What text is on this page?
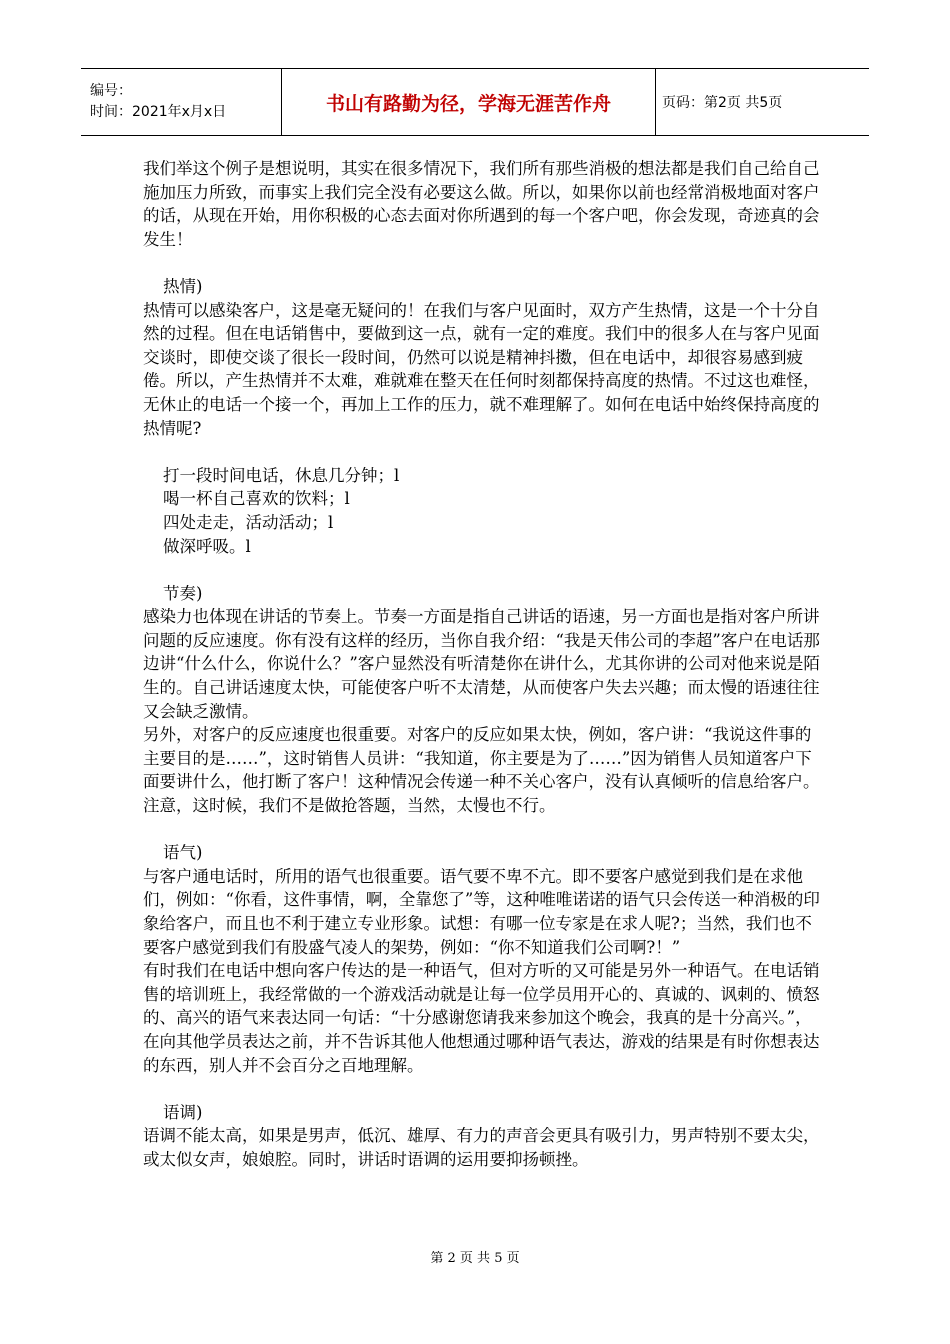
编号：
时间：2021年x月x日	书山有路勤为径，学海无涯苦作舟	页码：第2页 共5页

我们举这个例子是想说明，其实在很多情况下，我们所有那些消极的想法都是我们自己给自己施加压力所致，而事实上我们完全没有必要这么做。所以，如果你以前也经常消极地面对客户的话，从现在开始，用你积极的心态去面对你所遇到的每一个客户吧，你会发现，奇迹真的会发生！

热情)

热情可以感染客户，这是毫无疑问的！在我们与客户见面时，双方产生热情，这是一个十分自然的过程。但在电话销售中，要做到这一点，就有一定的难度。我们中的很多人在与客户见面交谈时，即使交谈了很长一段时间，仍然可以说是精神抖擞，但在电话中，却很容易感到疲倦。所以，产生热情并不太难，难就难在整天在任何时刻都保持高度的热情。不过这也难怪，无休止的电话一个接一个，再加上工作的压力，就不难理解了。如何在电话中始终保持高度的热情呢?

打一段时间电话，休息几分钟；l

喝一杯自己喜欢的饮料；l

四处走走，活动活动；l

做深呼吸。l

节奏)

感染力也体现在讲话的节奏上。节奏一方面是指自己讲话的语速，另一方面也是指对客户所讲问题的反应速度。你有没有这样的经历，当你自我介绍：“我是天伟公司的李超”客户在电话那边讲“什么什么，你说什么？”客户显然没有听清楚你在讲什么，尤其你讲的公司对他来说是陌生的。自己讲话速度太快，可能使客户听不太清楚，从而使客户失去兴趣；而太慢的语速往往又会缺乏激情。

另外，对客户的反应速度也很重要。对客户的反应如果太快，例如，客户讲：“我说这件事的主要目的是……”，这时销售人员讲：“我知道，你主要是为了……”因为销售人员知道客户下面要讲什么，他打断了客户！这种情况会传递一种不关心客户，没有认真倾听的信息给客户。注意，这时候，我们不是做抢答题，当然，太慢也不行。

语气)

与客户通电话时，所用的语气也很重要。语气要不卑不亢。即不要客户感觉到我们是在求他们，例如：“你看，这件事情，啊，全靠您了”等，这种唯唯诺诺的语气只会传送一种消极的印象给客户，而且也不利于建立专业形象。试想：有哪一位专家是在求人呢?；当然，我们也不要客户感觉到我们有股盛气凌人的架势，例如：“你不知道我们公司啊?！”

有时我们在电话中想向客户传达的是一种语气，但对方听的又可能是另外一种语气。在电话销售的培训班上，我经常做的一个游戏活动就是让每一位学员用开心的、真诚的、讽刺的、愤怒的、高兴的语气来表达同一句话：“十分感谢您请我来参加这个晚会，我真的是十分高兴。”，在向其他学员表达之前，并不告诉其他人他想通过哪种语气表达，游戏的结果是有时你想表达的东西，别人并不会百分之百地理解。

语调)

语调不能太高，如果是男声，低沉、雄厚、有力的声音会更具有吸引力，男声特别不要太尖，或太似女声，娘娘腔。同时，讲话时语调的运用要抑扬顿挫。

第 2 页 共 5 页
